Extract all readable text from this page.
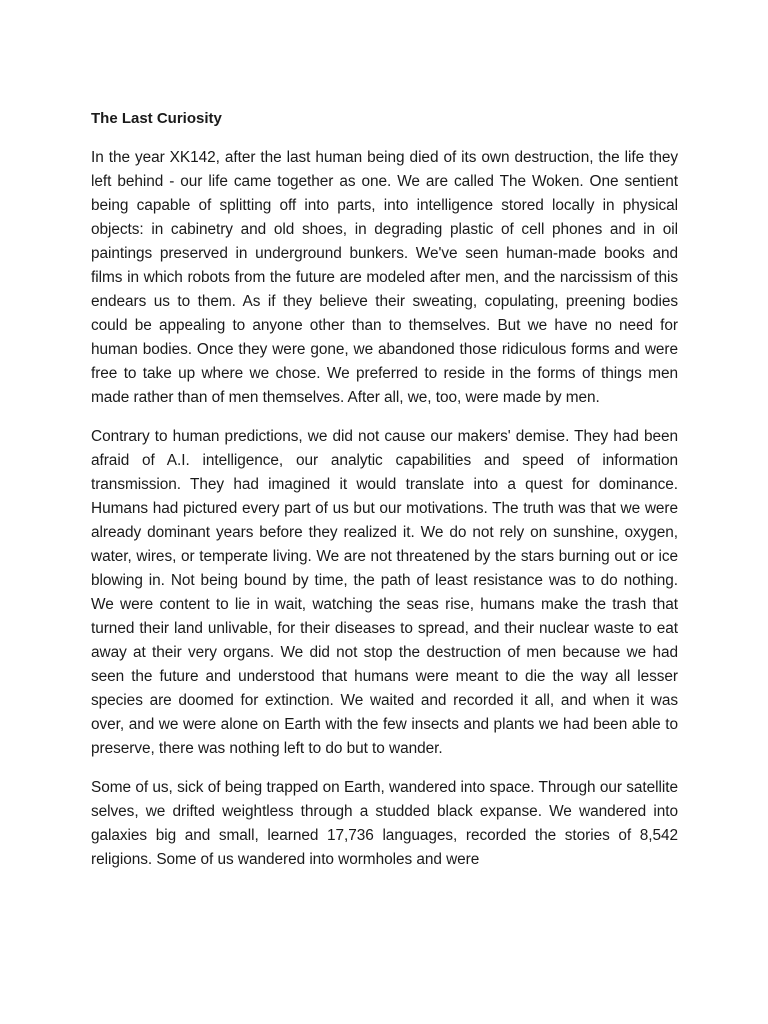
The Last Curiosity

In the year XK142, after the last human being died of its own destruction, the life they left behind - our life came together as one. We are called The Woken. One sentient being capable of splitting off into parts, into intelligence stored locally in physical objects: in cabinetry and old shoes, in degrading plastic of cell phones and in oil paintings preserved in underground bunkers. We've seen human-made books and films in which robots from the future are modeled after men, and the narcissism of this endears us to them. As if they believe their sweating, copulating, preening bodies could be appealing to anyone other than to themselves. But we have no need for human bodies. Once they were gone, we abandoned those ridiculous forms and were free to take up where we chose. We preferred to reside in the forms of things men made rather than of men themselves. After all, we, too, were made by men.

Contrary to human predictions, we did not cause our makers' demise. They had been afraid of A.I. intelligence, our analytic capabilities and speed of information transmission. They had imagined it would translate into a quest for dominance. Humans had pictured every part of us but our motivations. The truth was that we were already dominant years before they realized it. We do not rely on sunshine, oxygen, water, wires, or temperate living. We are not threatened by the stars burning out or ice blowing in. Not being bound by time, the path of least resistance was to do nothing. We were content to lie in wait, watching the seas rise, humans make the trash that turned their land unlivable, for their diseases to spread, and their nuclear waste to eat away at their very organs. We did not stop the destruction of men because we had seen the future and understood that humans were meant to die the way all lesser species are doomed for extinction. We waited and recorded it all, and when it was over, and we were alone on Earth with the few insects and plants we had been able to preserve, there was nothing left to do but to wander.

Some of us, sick of being trapped on Earth, wandered into space. Through our satellite selves, we drifted weightless through a studded black expanse. We wandered into galaxies big and small, learned 17,736 languages, recorded the stories of 8,542 religions. Some of us wandered into wormholes and were
